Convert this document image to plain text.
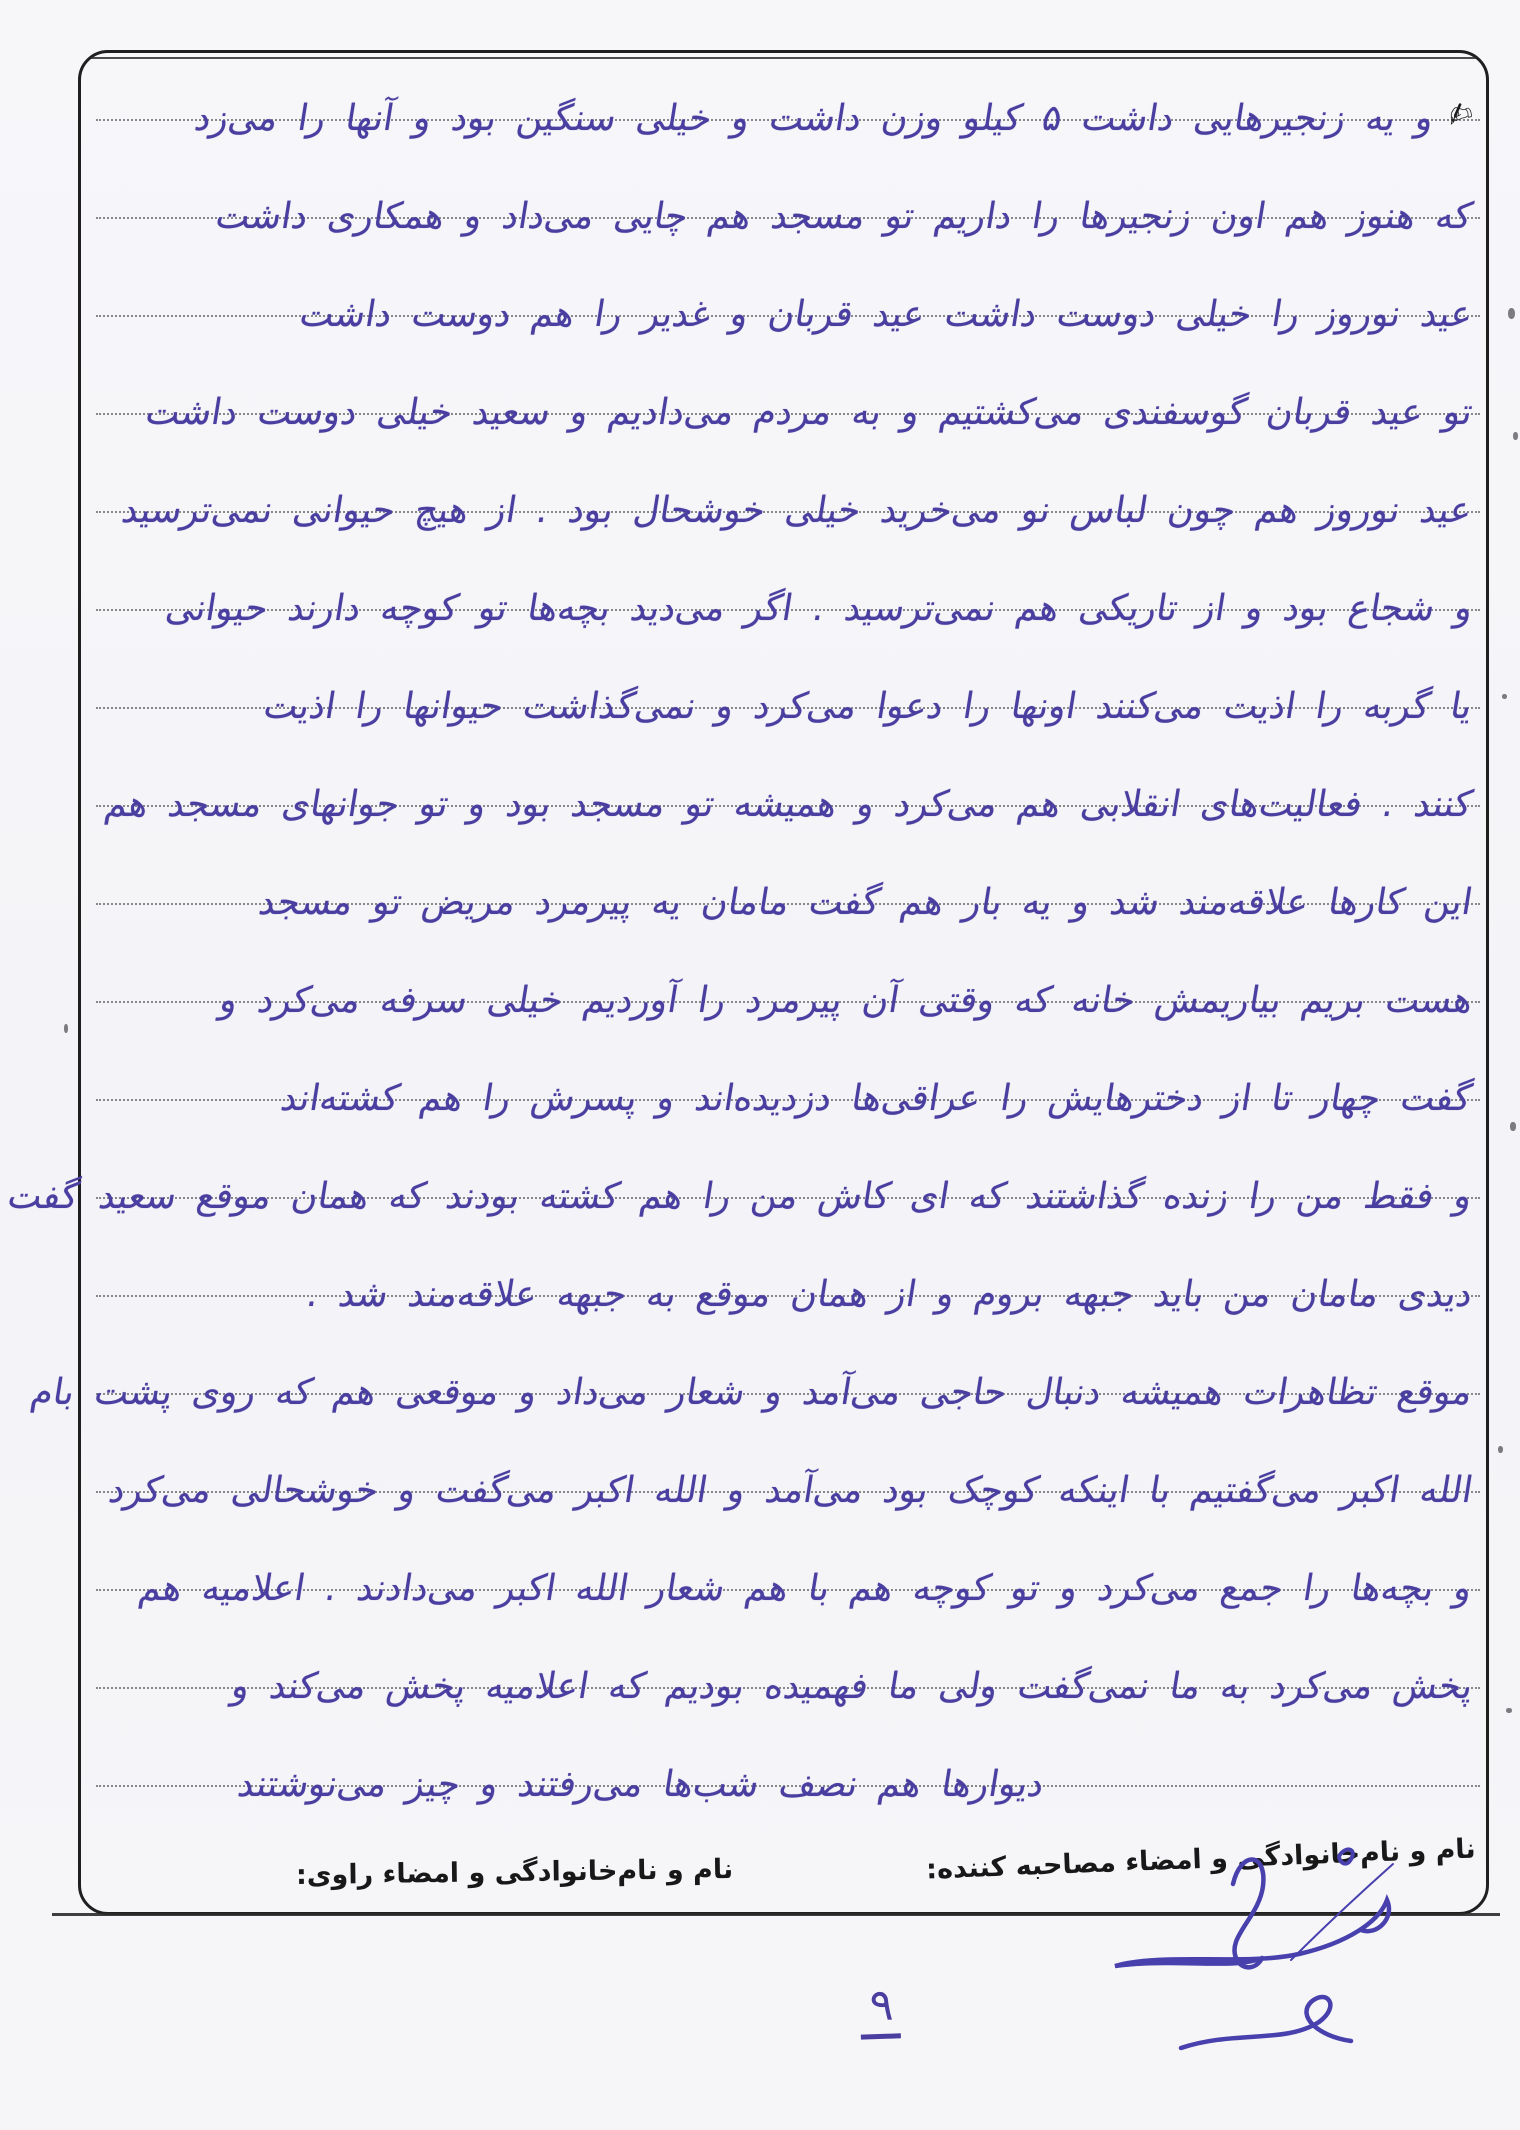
✍و یه زنجیرهایی داشت ۵ کیلو وزن داشت و خیلی سنگین بود و آنها را می‌زد
که هنوز هم اون زنجیرها را داریم تو مسجد هم چایی می‌داد و همکاری داشت
عید نوروز را خیلی دوست داشت عید قربان و غدیر را هم دوست داشت
تو عید قربان گوسفندی می‌کشتیم و به مردم می‌دادیم و سعید خیلی دوست داشت
عید نوروز هم چون لباس نو می‌خرید خیلی خوشحال بود . از هیچ حیوانی نمی‌ترسید
و شجاع بود و از تاریکی هم نمی‌ترسید . اگر می‌دید بچه‌ها تو کوچه دارند حیوانی
یا گربه را اذیت می‌کنند اونها را دعوا می‌کرد و نمی‌گذاشت حیوانها را اذیت
کنند . فعالیت‌های انقلابی هم می‌کرد و همیشه تو مسجد بود و تو جوانهای مسجد هم
این کارها علاقه‌مند شد و یه بار هم گفت مامان یه پیرمرد مریض تو مسجد
هست بریم بیاریمش خانه که وقتی آن پیرمرد را آوردیم خیلی سرفه می‌کرد و
گفت چهار تا از دخترهایش را عراقی‌ها دزدیده‌اند و پسرش را هم کشته‌اند
و فقط من را زنده گذاشتند که ای کاش من را هم کشته بودند که همان موقع سعید گفت
دیدی مامان من باید جبهه بروم و از همان موقع به جبهه علاقه‌مند شد .
موقع تظاهرات همیشه دنبال حاجی می‌آمد و شعار می‌داد و موقعی هم که روی پشت بام
الله اکبر می‌گفتیم با اینکه کوچک بود می‌آمد و الله اکبر می‌گفت و خوشحالی می‌کرد
و بچه‌ها را جمع می‌کرد و تو کوچه هم با هم شعار الله اکبر می‌دادند . اعلامیه هم
پخش می‌کرد به ما نمی‌گفت ولی ما فهمیده بودیم که اعلامیه پخش می‌کند و
دیوارها هم نصف شب‌ها می‌رفتند و چیز می‌نوشتند
نام و نام‌خانوادگی و امضاء مصاحبه کننده:
نام و نام‌خانوادگی و امضاء راوی:
۹
